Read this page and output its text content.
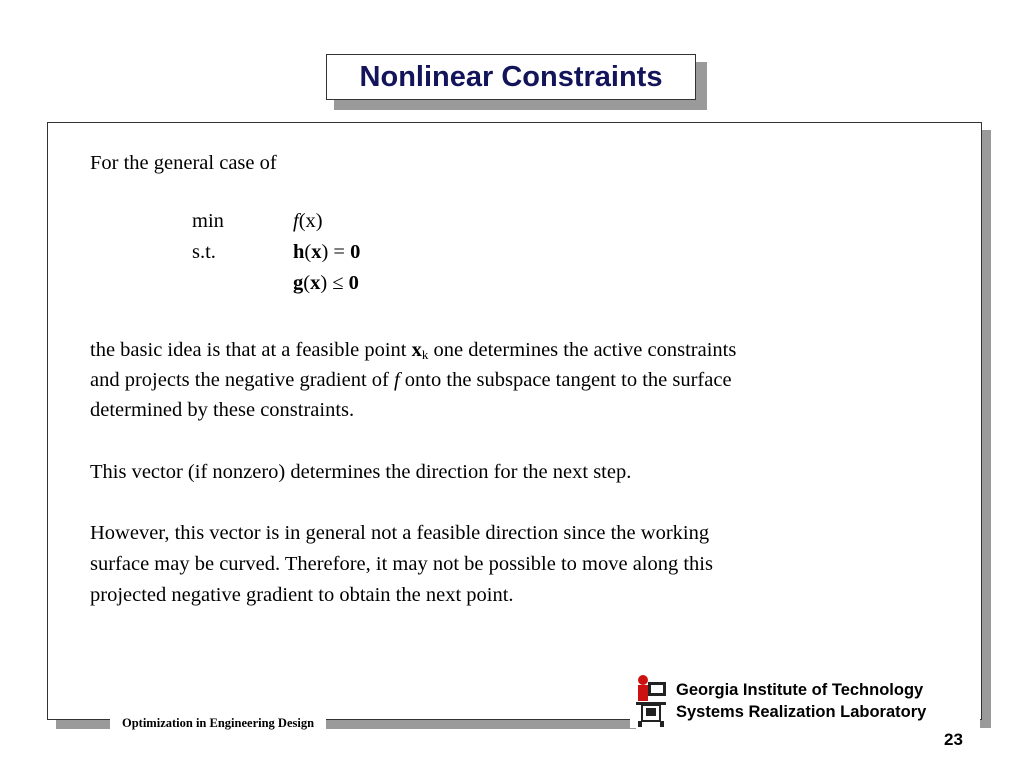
Nonlinear Constraints
For the general case of
min	f(x)
s.t.	h(x) = 0
g(x) ≤ 0
the basic idea is that at a feasible point $x_k$ one determines the active constraints
and projects the negative gradient of f onto the subspace tangent to the surface
determined by these constraints.
This vector (if nonzero) determines the direction for the next step.
However, this vector is in general not a feasible direction since the working
surface may be curved. Therefore, it may not be possible to move along this
projected negative gradient to obtain the next point.
Optimization in Engineering Design
Georgia Institute of Technology
Systems Realization Laboratory
23
